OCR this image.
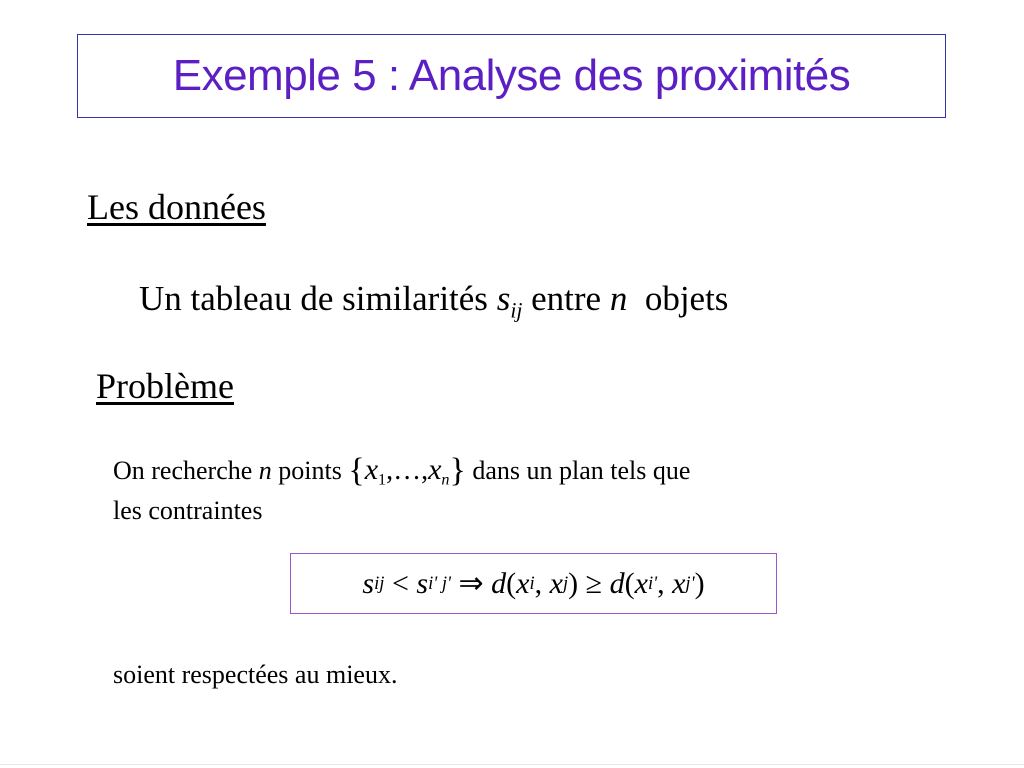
Exemple 5 : Analyse des proximités
Les données
Un tableau de similarités $s_{ij}$ entre n  objets
Problème
On recherche n points $\{x_1,\dots,x_n\}$ dans un plan tels que
les contraintes
s ij < s i' j' ⇒ d ( x i , x j ) ≥ d ( x i' , x j' )
soient respectées au mieux.
